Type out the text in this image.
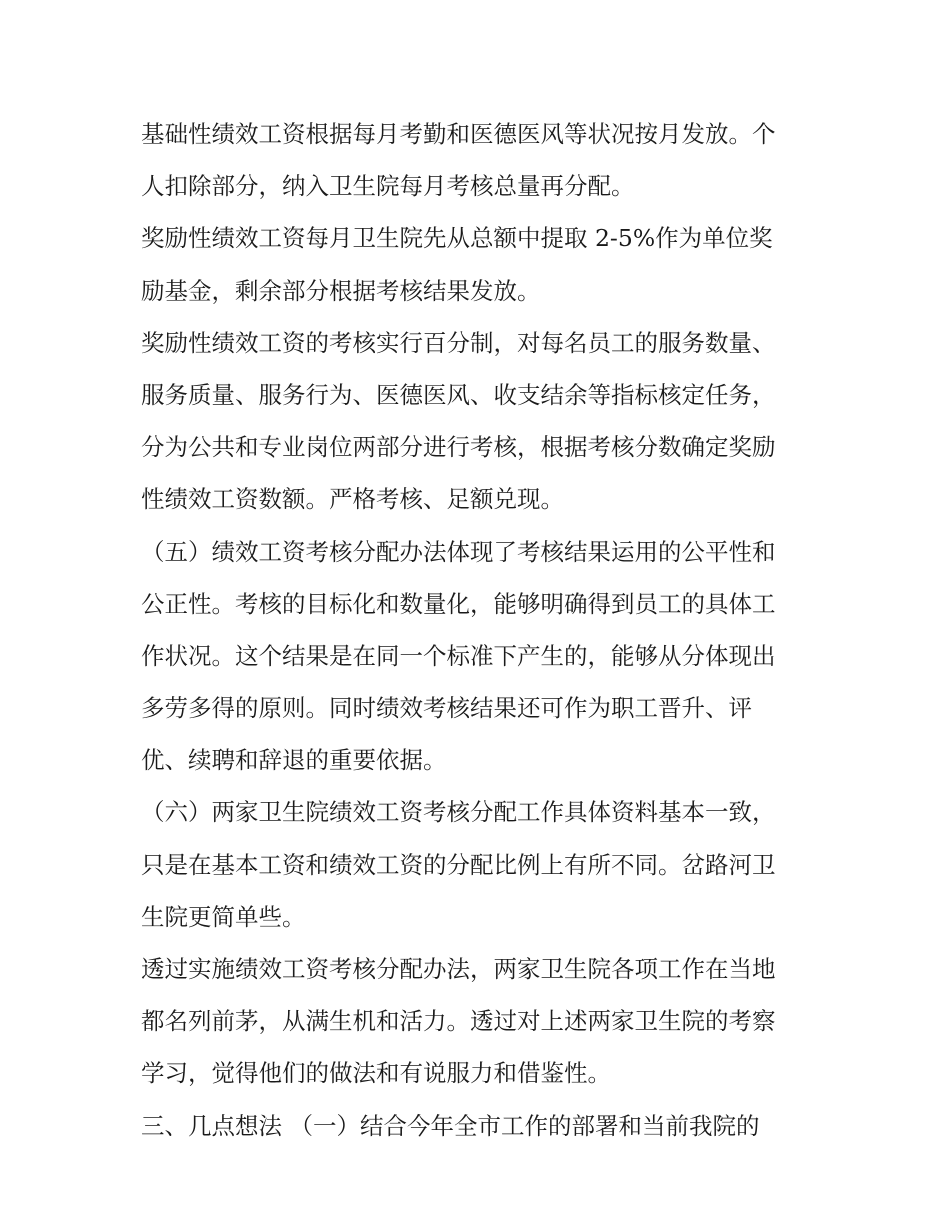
基础性绩效工资根据每月考勤和医德医风等状况按月发放。个
人扣除部分，纳入卫生院每月考核总量再分配。
奖励性绩效工资每月卫生院先从总额中提取 2-5%作为单位奖
励基金，剩余部分根据考核结果发放。
奖励性绩效工资的考核实行百分制，对每名员工的服务数量、
服务质量、服务行为、医德医风、收支结余等指标核定任务，
分为公共和专业岗位两部分进行考核，根据考核分数确定奖励
性绩效工资数额。严格考核、足额兑现。
（五）绩效工资考核分配办法体现了考核结果运用的公平性和
公正性。考核的目标化和数量化，能够明确得到员工的具体工
作状况。这个结果是在同一个标准下产生的，能够从分体现出
多劳多得的原则。同时绩效考核结果还可作为职工晋升、评
优、续聘和辞退的重要依据。
（六）两家卫生院绩效工资考核分配工作具体资料基本一致，
只是在基本工资和绩效工资的分配比例上有所不同。岔路河卫
生院更简单些。
透过实施绩效工资考核分配办法，两家卫生院各项工作在当地
都名列前茅，从满生机和活力。透过对上述两家卫生院的考察
学习，觉得他们的做法和有说服力和借鉴性。
三、几点想法 （一）结合今年全市工作的部署和当前我院的
